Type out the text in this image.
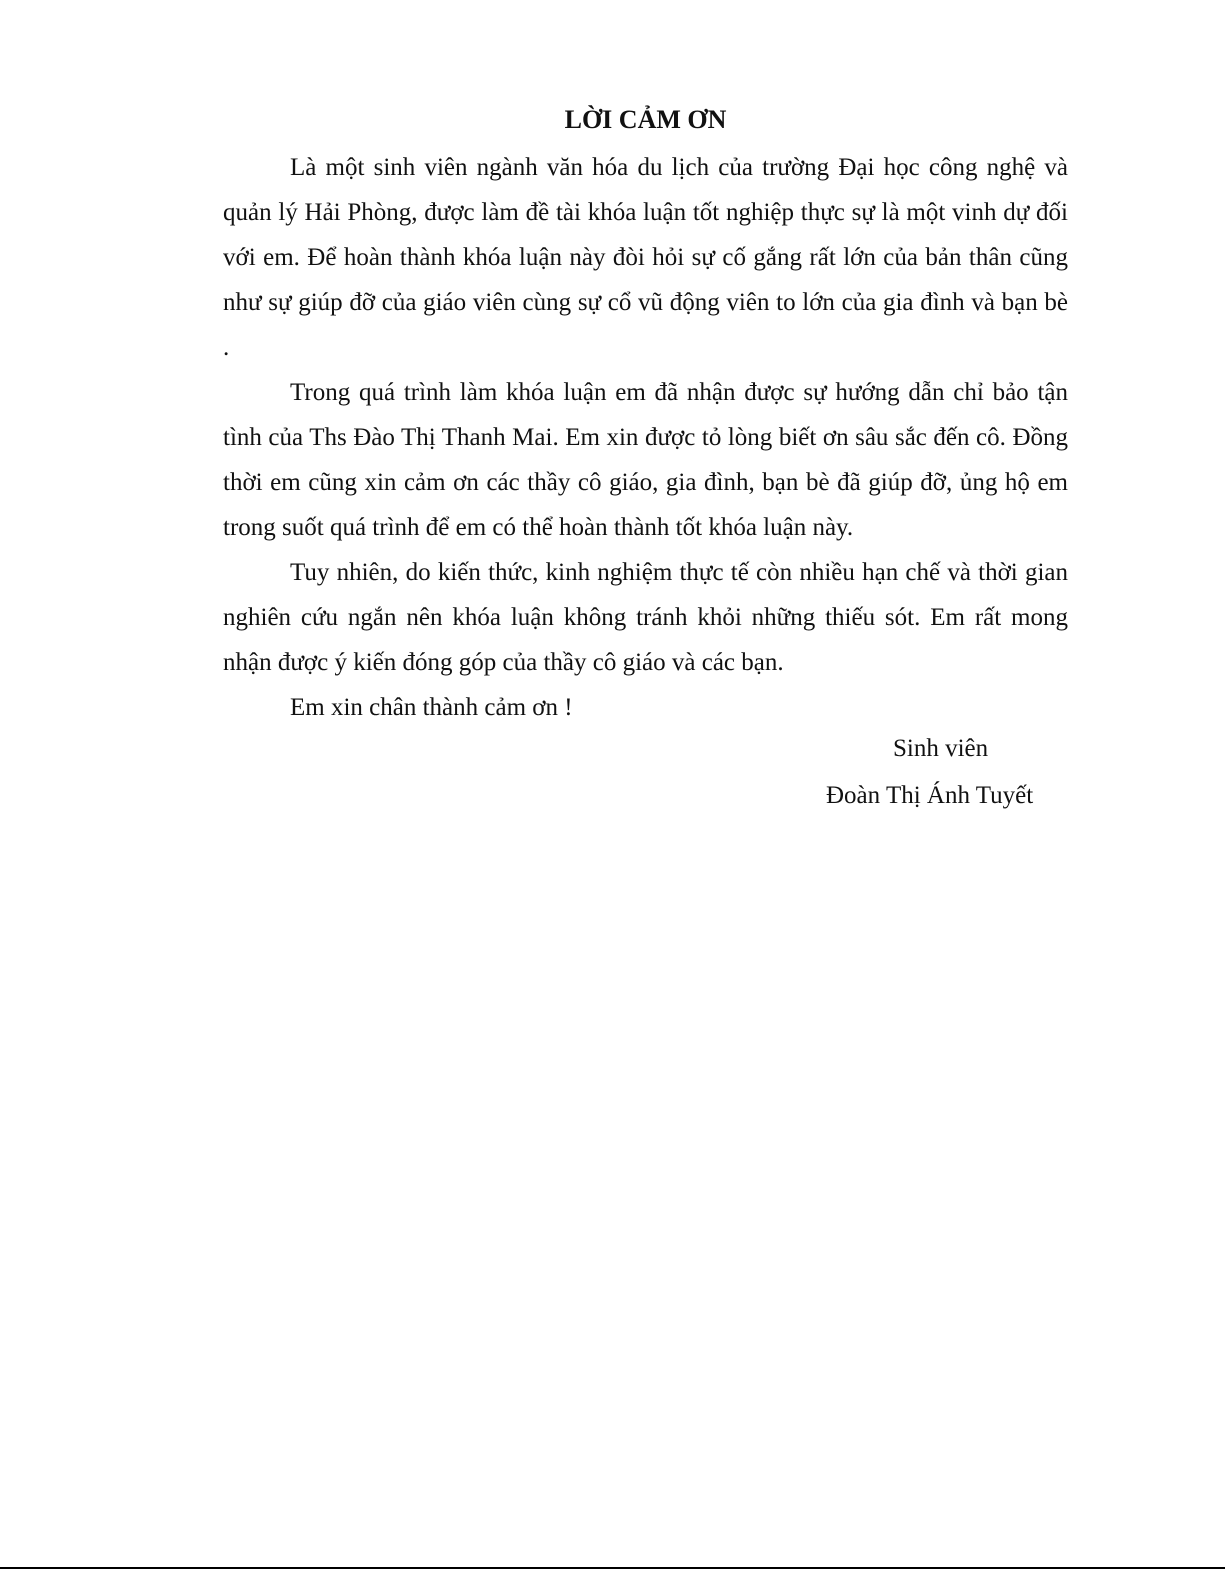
LỜI CẢM ƠN

Là một sinh viên ngành văn hóa du lịch của trường Đại học công nghệ và quản lý Hải Phòng, được làm đề tài khóa luận tốt nghiệp thực sự là một vinh dự đối với em. Để hoàn thành khóa luận này đòi hỏi sự cố gắng rất lớn của bản thân cũng như sự giúp đỡ của giáo viên cùng sự cổ vũ động viên to lớn của gia đình và bạn bè .

Trong quá trình làm khóa luận em đã nhận được sự hướng dẫn chỉ bảo tận tình của Ths Đào Thị Thanh Mai. Em xin được tỏ lòng biết ơn sâu sắc đến cô. Đồng thời em cũng xin cảm ơn các thầy cô giáo, gia đình, bạn bè đã giúp đỡ, ủng hộ em trong suốt quá trình để em có thể hoàn thành tốt khóa luận này.

Tuy nhiên, do kiến thức, kinh nghiệm thực tế còn nhiều hạn chế và thời gian nghiên cứu ngắn nên khóa luận không tránh khỏi những thiếu sót. Em rất mong nhận được ý kiến đóng góp của thầy cô giáo và các bạn.

Em xin chân thành cảm ơn !

Sinh viên
Đoàn Thị Ánh Tuyết
